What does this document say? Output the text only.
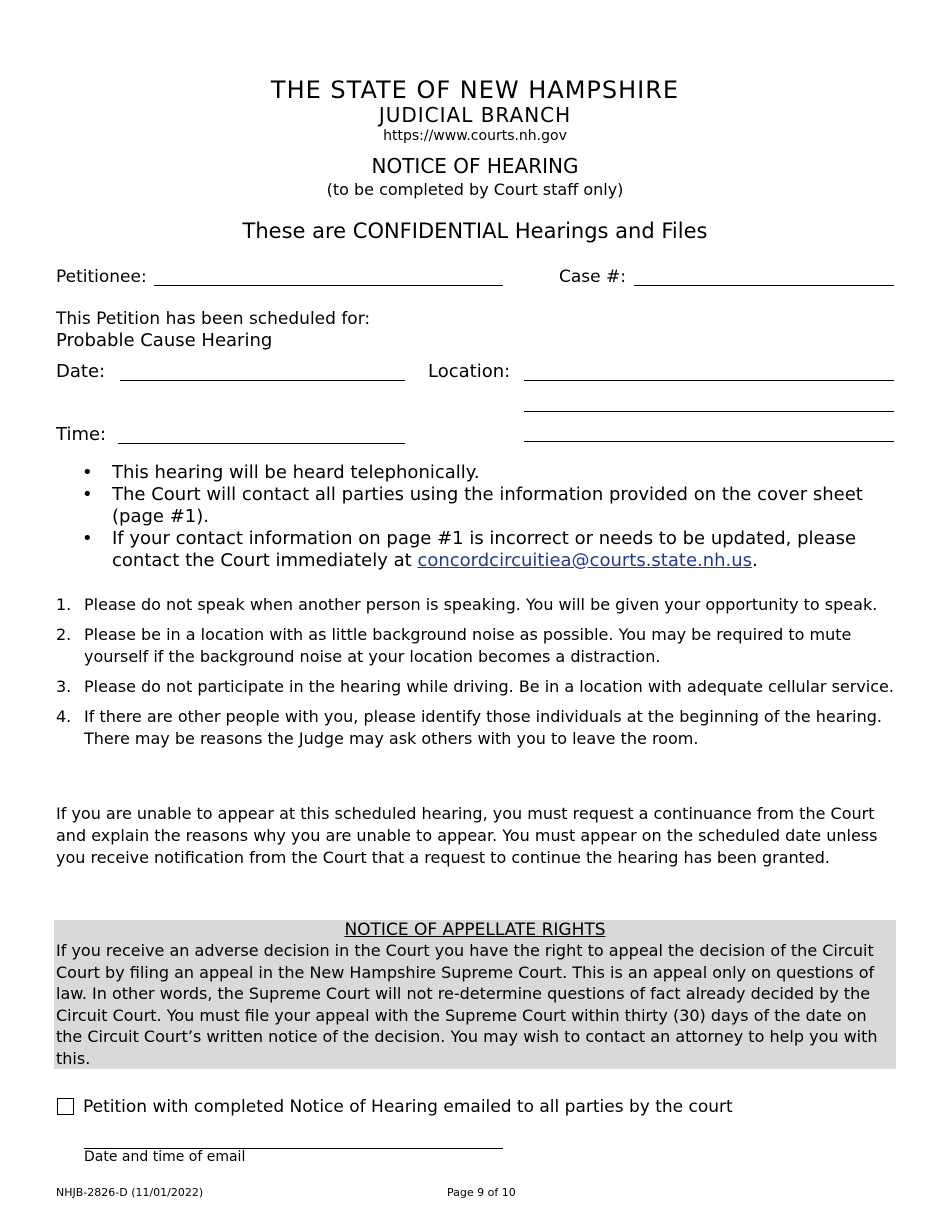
THE STATE OF NEW HAMPSHIRE
JUDICIAL BRANCH
https://www.courts.nh.gov
NOTICE OF HEARING
(to be completed by Court staff only)
These are CONFIDENTIAL Hearings and Files
Petitionee:	Case #:
This Petition has been scheduled for:
Probable Cause Hearing
Date:	Location:
Time:
•	This hearing will be heard telephonically.
•	The Court will contact all parties using the information provided on the cover sheet (page #1).
•	If your contact information on page #1 is incorrect or needs to be updated, please contact the Court immediately at concordcircuitiea@courts.state.nh.us.
1. Please do not speak when another person is speaking. You will be given your opportunity to speak.
2. Please be in a location with as little background noise as possible. You may be required to mute yourself if the background noise at your location becomes a distraction.
3. Please do not participate in the hearing while driving. Be in a location with adequate cellular service.
4. If there are other people with you, please identify those individuals at the beginning of the hearing. There may be reasons the Judge may ask others with you to leave the room.
If you are unable to appear at this scheduled hearing, you must request a continuance from the Court and explain the reasons why you are unable to appear. You must appear on the scheduled date unless you receive notification from the Court that a request to continue the hearing has been granted.
NOTICE OF APPELLATE RIGHTS
If you receive an adverse decision in the Court you have the right to appeal the decision of the Circuit Court by filing an appeal in the New Hampshire Supreme Court. This is an appeal only on questions of law. In other words, the Supreme Court will not re-determine questions of fact already decided by the Circuit Court. You must file your appeal with the Supreme Court within thirty (30) days of the date on the Circuit Court’s written notice of the decision. You may wish to contact an attorney to help you with this.
Petition with completed Notice of Hearing emailed to all parties by the court
Date and time of email
NHJB-2826-D (11/01/2022)	Page 9 of 10
